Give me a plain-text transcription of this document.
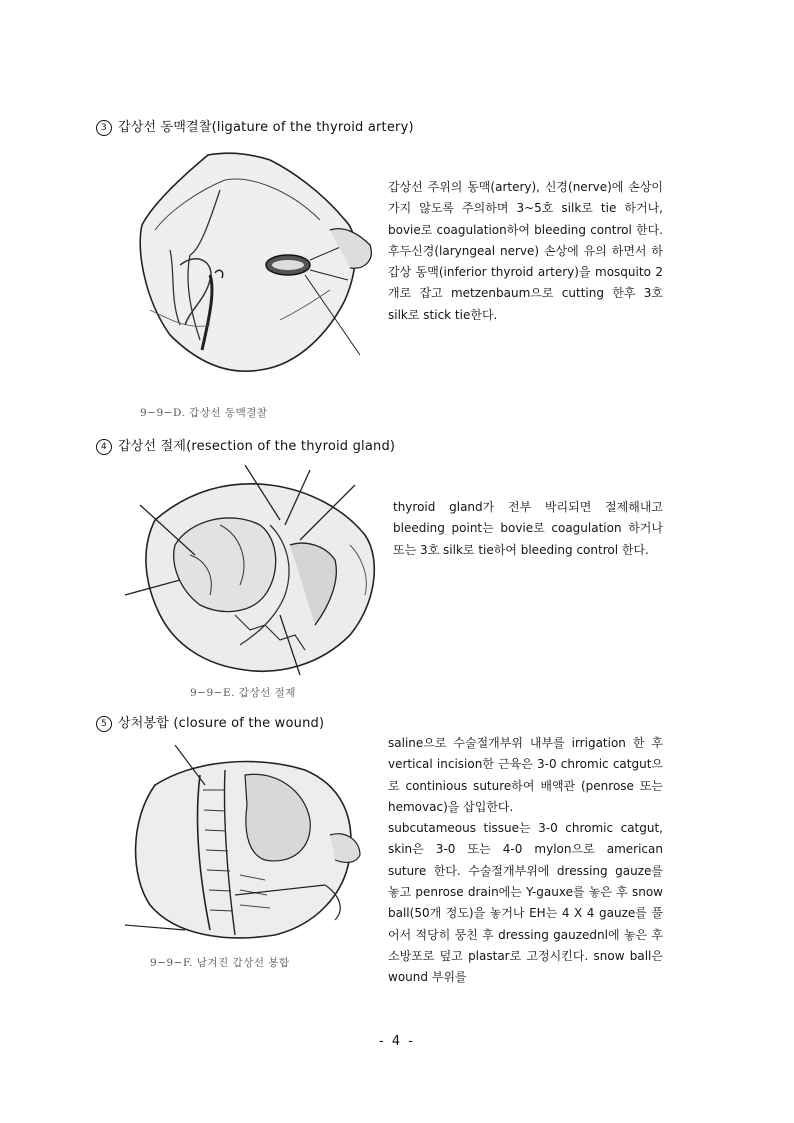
3 갑상선 동맥결찰(ligature of the thyroid artery)
9−9−D. 갑상선 동맥결찰
갑상선 주위의 동맥(artery), 신경(nerve)에 손상이 가지 않도록 주의하며 3~5호 silk로 tie 하거나, bovie로 coagulation하여 bleeding control 한다. 후두신경(laryngeal nerve) 손상에 유의 하면서 하갑상 동맥(inferior thyroid artery)을 mosquito 2개로 잡고 metzenbaum으로 cutting 한후 3호 silk로 stick tie한다.
4 갑상선 절제(resection of the thyroid gland)
9−9−E. 갑상선 절제
thyroid gland가 전부 박리되면 절제해내고 bleeding point는 bovie로 coagulation 하거나 또는 3호 silk로 tie하여 bleeding control 한다.
5 상처봉합 (closure of the wound)
9−9−F. 남겨진 갑상선 봉합
saline으로 수술절개부위 내부를 irrigation 한 후 vertical incision한 근육은 3-0 chromic catgut으로 continious suture하여 배액관 (penrose 또는 hemovac)을 삽입한다.
subcutameous tissue는 3-0 chromic catgut, skin은 3-0 또는 4-0 mylon으로 american suture 한다. 수술절개부위에 dressing gauze를 놓고 penrose drain에는 Y-gauxe를 놓은 후 snow ball(50개 정도)을 놓거나 EH는 4 X 4 gauze를 풀어서 적당히 뭉친 후 dressing gauzednl에 놓은 후 소방포로 덮고 plastar로 고정시킨다. snow ball은 wound 부위를
- 4 -
